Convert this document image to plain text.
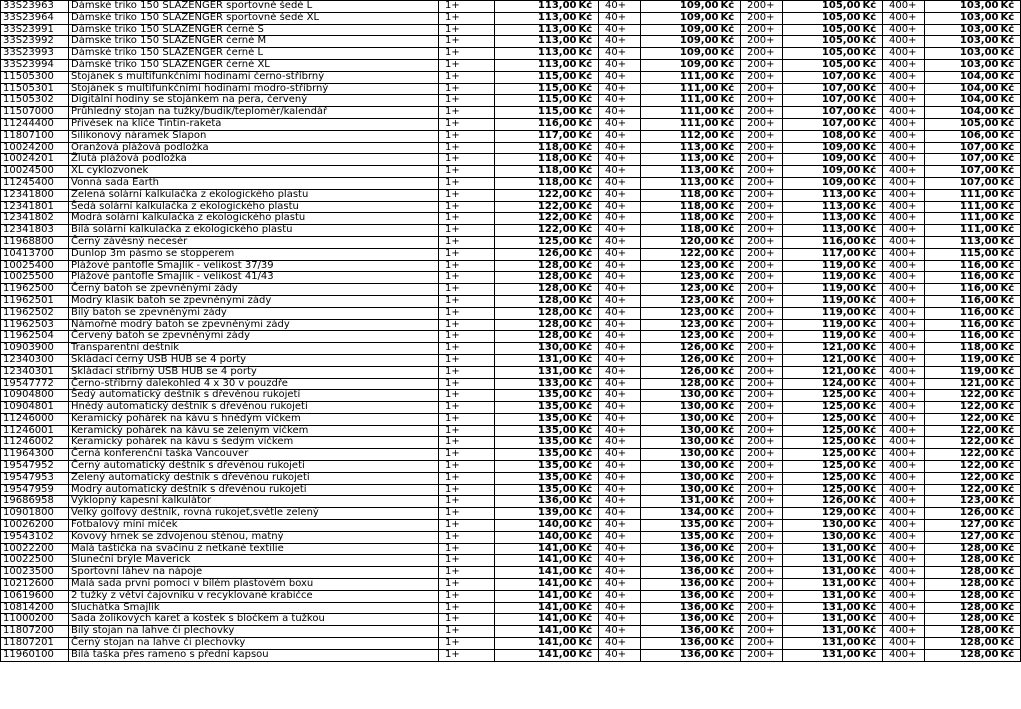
33S23963	Dámské triko 150 SLAZENGER sportovně šedé L	1+	113,00	Kč	40+	109,00	Kč	200+	105,00	Kč	400+	103,00	Kč
33S23964	Dámské triko 150 SLAZENGER sportovně šedé XL	1+	113,00	Kč	40+	109,00	Kč	200+	105,00	Kč	400+	103,00	Kč
33S23991	Dámské triko 150 SLAZENGER černé S	1+	113,00	Kč	40+	109,00	Kč	200+	105,00	Kč	400+	103,00	Kč
33S23992	Dámské triko 150 SLAZENGER černé M	1+	113,00	Kč	40+	109,00	Kč	200+	105,00	Kč	400+	103,00	Kč
33S23993	Dámské triko 150 SLAZENGER černé L	1+	113,00	Kč	40+	109,00	Kč	200+	105,00	Kč	400+	103,00	Kč
33S23994	Dámské triko 150 SLAZENGER černé XL	1+	113,00	Kč	40+	109,00	Kč	200+	105,00	Kč	400+	103,00	Kč
11505300	Stojánek s multifunkčními hodinami černo-stříbrný	1+	115,00	Kč	40+	111,00	Kč	200+	107,00	Kč	400+	104,00	Kč
11505301	Stojánek s multifunkčními hodinami modro-stříbrný	1+	115,00	Kč	40+	111,00	Kč	200+	107,00	Kč	400+	104,00	Kč
11505302	Digitální hodiny se stojánkem na pera, červený	1+	115,00	Kč	40+	111,00	Kč	200+	107,00	Kč	400+	104,00	Kč
11507000	Průhledný stojan na tužky/budík/teploměr/kalendář	1+	115,00	Kč	40+	111,00	Kč	200+	107,00	Kč	400+	104,00	Kč
11244400	Přívěsek na klíče Tintin-raketa	1+	116,00	Kč	40+	111,00	Kč	200+	107,00	Kč	400+	105,00	Kč
11807100	Silikonový náramek Slapon	1+	117,00	Kč	40+	112,00	Kč	200+	108,00	Kč	400+	106,00	Kč
10024200	Oranžová plážová podložka	1+	118,00	Kč	40+	113,00	Kč	200+	109,00	Kč	400+	107,00	Kč
10024201	Žlutá plážová podložka	1+	118,00	Kč	40+	113,00	Kč	200+	109,00	Kč	400+	107,00	Kč
10024500	XL cyklozvonek	1+	118,00	Kč	40+	113,00	Kč	200+	109,00	Kč	400+	107,00	Kč
11245400	Vonná sada Earth	1+	118,00	Kč	40+	113,00	Kč	200+	109,00	Kč	400+	107,00	Kč
12341800	Zelená solární kalkulačka z ekologického plastu	1+	122,00	Kč	40+	118,00	Kč	200+	113,00	Kč	400+	111,00	Kč
12341801	Šedá solární kalkulačka z ekologického plastu	1+	122,00	Kč	40+	118,00	Kč	200+	113,00	Kč	400+	111,00	Kč
12341802	Modrá solární kalkulačka z ekologického plastu	1+	122,00	Kč	40+	118,00	Kč	200+	113,00	Kč	400+	111,00	Kč
12341803	Bílá solární kalkulačka z ekologického plastu	1+	122,00	Kč	40+	118,00	Kč	200+	113,00	Kč	400+	111,00	Kč
11968800	Černý závěsný necesér	1+	125,00	Kč	40+	120,00	Kč	200+	116,00	Kč	400+	113,00	Kč
10413700	Dunlop 3m pásmo se stopperem	1+	126,00	Kč	40+	122,00	Kč	200+	117,00	Kč	400+	115,00	Kč
10025400	Plážové pantofle Smajlík - velikost 37/39	1+	128,00	Kč	40+	123,00	Kč	200+	119,00	Kč	400+	116,00	Kč
10025500	Plážové pantofle Smajlík - velikost 41/43	1+	128,00	Kč	40+	123,00	Kč	200+	119,00	Kč	400+	116,00	Kč
11962500	Černý batoh se zpevněnými zády	1+	128,00	Kč	40+	123,00	Kč	200+	119,00	Kč	400+	116,00	Kč
11962501	Modrý klasik batoh se zpevněnými zády	1+	128,00	Kč	40+	123,00	Kč	200+	119,00	Kč	400+	116,00	Kč
11962502	Bílý batoh se zpevněnými zády	1+	128,00	Kč	40+	123,00	Kč	200+	119,00	Kč	400+	116,00	Kč
11962503	Námořně modrý batoh se zpevněnými zády	1+	128,00	Kč	40+	123,00	Kč	200+	119,00	Kč	400+	116,00	Kč
11962504	Červený batoh se zpevněnými zády	1+	128,00	Kč	40+	123,00	Kč	200+	119,00	Kč	400+	116,00	Kč
10903900	Transparentní deštník	1+	130,00	Kč	40+	126,00	Kč	200+	121,00	Kč	400+	118,00	Kč
12340300	Skládací černý USB HUB se 4 porty	1+	131,00	Kč	40+	126,00	Kč	200+	121,00	Kč	400+	119,00	Kč
12340301	Skládací stříbrný USB HUB se 4 porty	1+	131,00	Kč	40+	126,00	Kč	200+	121,00	Kč	400+	119,00	Kč
19547772	Černo-stříbrný dalekohled 4 x 30 v pouzdře	1+	133,00	Kč	40+	128,00	Kč	200+	124,00	Kč	400+	121,00	Kč
10904800	Šedý automatický deštník s dřevěnou rukojetí	1+	135,00	Kč	40+	130,00	Kč	200+	125,00	Kč	400+	122,00	Kč
10904801	Hnědý automatický deštník s dřevěnou rukojetí	1+	135,00	Kč	40+	130,00	Kč	200+	125,00	Kč	400+	122,00	Kč
11246000	Keramický pohárek na kávu s hnědým víčkem	1+	135,00	Kč	40+	130,00	Kč	200+	125,00	Kč	400+	122,00	Kč
11246001	Keramický pohárek na kávu se zeleným víčkem	1+	135,00	Kč	40+	130,00	Kč	200+	125,00	Kč	400+	122,00	Kč
11246002	Keramický pohárek na kávu s šedým víčkem	1+	135,00	Kč	40+	130,00	Kč	200+	125,00	Kč	400+	122,00	Kč
11964300	Černá konferenční taška Vancouver	1+	135,00	Kč	40+	130,00	Kč	200+	125,00	Kč	400+	122,00	Kč
19547952	Černý automatický deštník s dřevěnou rukojetí	1+	135,00	Kč	40+	130,00	Kč	200+	125,00	Kč	400+	122,00	Kč
19547953	Zelený automatický deštník s dřevěnou rukojetí	1+	135,00	Kč	40+	130,00	Kč	200+	125,00	Kč	400+	122,00	Kč
19547959	Modrý automatický deštník s dřevěnou rukojetí	1+	135,00	Kč	40+	130,00	Kč	200+	125,00	Kč	400+	122,00	Kč
19686958	Výklopný kapesní kalkulátor	1+	136,00	Kč	40+	131,00	Kč	200+	126,00	Kč	400+	123,00	Kč
10901800	Velký golfový deštník, rovná rukojeť,světle zelený	1+	139,00	Kč	40+	134,00	Kč	200+	129,00	Kč	400+	126,00	Kč
10026200	Fotbalový míní míček	1+	140,00	Kč	40+	135,00	Kč	200+	130,00	Kč	400+	127,00	Kč
19543102	Kovový hrnek se zdvojenou stěnou, matný	1+	140,00	Kč	40+	135,00	Kč	200+	130,00	Kč	400+	127,00	Kč
10022200	Malá taštička na svačinu z netkané textilie	1+	141,00	Kč	40+	136,00	Kč	200+	131,00	Kč	400+	128,00	Kč
10022500	Sluneční brýle Maverick	1+	141,00	Kč	40+	136,00	Kč	200+	131,00	Kč	400+	128,00	Kč
10023500	Sportovní láhev na nápoje	1+	141,00	Kč	40+	136,00	Kč	200+	131,00	Kč	400+	128,00	Kč
10212600	Malá sada první pomoci v bílém plastovém boxu	1+	141,00	Kč	40+	136,00	Kč	200+	131,00	Kč	400+	128,00	Kč
10619600	2 tužky z větví čajovníku v recyklované krabičce	1+	141,00	Kč	40+	136,00	Kč	200+	131,00	Kč	400+	128,00	Kč
10814200	Sluchátka Smajlík	1+	141,00	Kč	40+	136,00	Kč	200+	131,00	Kč	400+	128,00	Kč
11000200	Sada žolíkových karet a kostek s bločkem a tužkou	1+	141,00	Kč	40+	136,00	Kč	200+	131,00	Kč	400+	128,00	Kč
11807200	Bílý stojan na lahve či plechovky	1+	141,00	Kč	40+	136,00	Kč	200+	131,00	Kč	400+	128,00	Kč
11807201	Černý stojan na lahve či plechovky	1+	141,00	Kč	40+	136,00	Kč	200+	131,00	Kč	400+	128,00	Kč
11960100	Bílá taška přes rameno s přední kapsou	1+	141,00	Kč	40+	136,00	Kč	200+	131,00	Kč	400+	128,00	Kč
